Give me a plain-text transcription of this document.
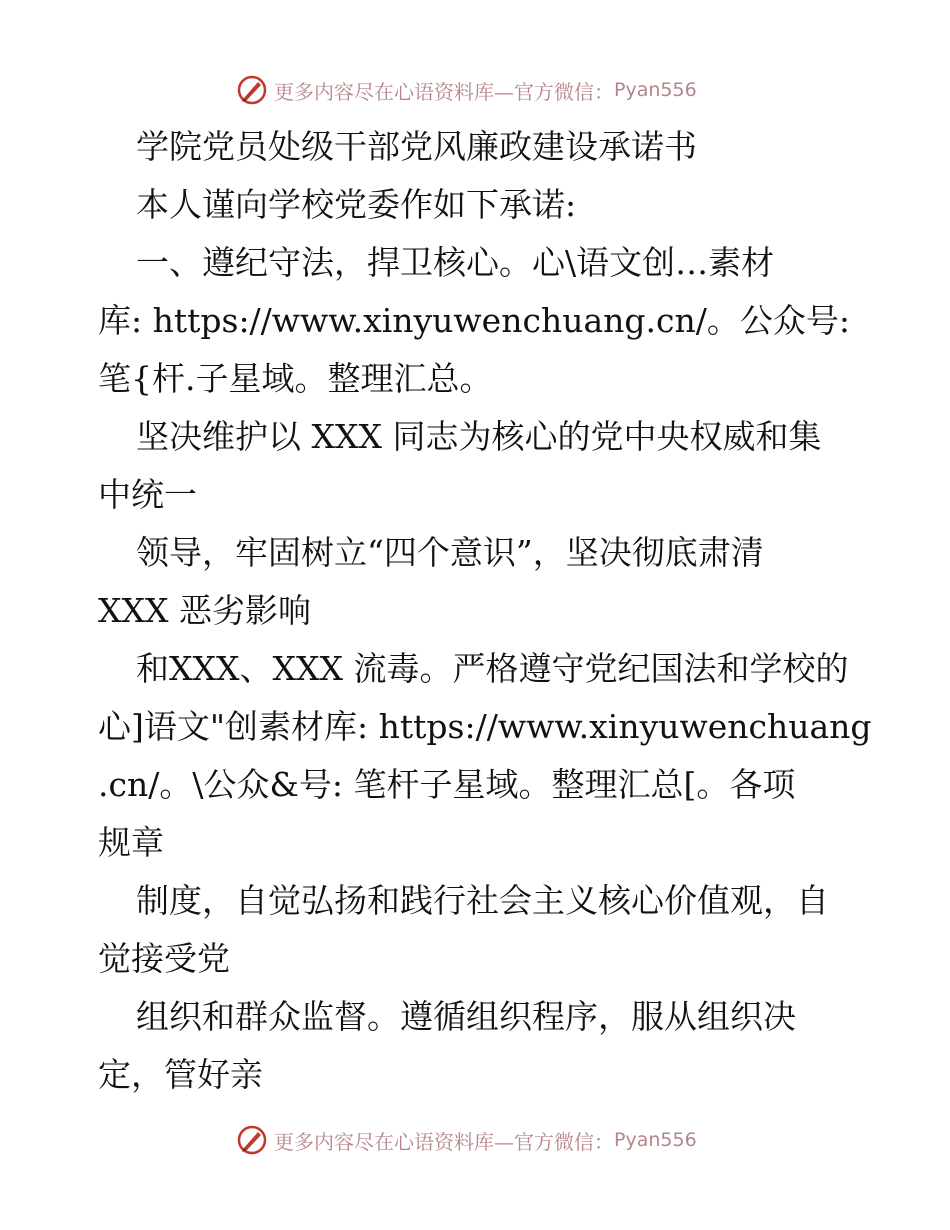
更多内容尽在心语资料库—官方微信： Pyan556
学院党员处级干部党风廉政建设承诺书
本人谨向学校党委作如下承诺:
一、遵纪守法，捍卫核心。心\语文创…素材
库: https://www.xinyuwenchuang.cn/。公众号:
笔{杆.子星域。整理汇总。
坚决维护以 XXX 同志为核心的党中央权威和集
中统一
领导，牢固树立“四个意识”，坚决彻底肃清
XXX 恶劣影响
和XXX、XXX 流毒。严格遵守党纪国法和学校的
心]语文"创素材库: https://www.xinyuwenchuang
.cn/。\公众&号: 笔杆子星域。整理汇总[。各项
规章
制度，自觉弘扬和践行社会主义核心价值观，自
觉接受党
组织和群众监督。遵循组织程序，服从组织决
定，管好亲
更多内容尽在心语资料库—官方微信： Pyan556
